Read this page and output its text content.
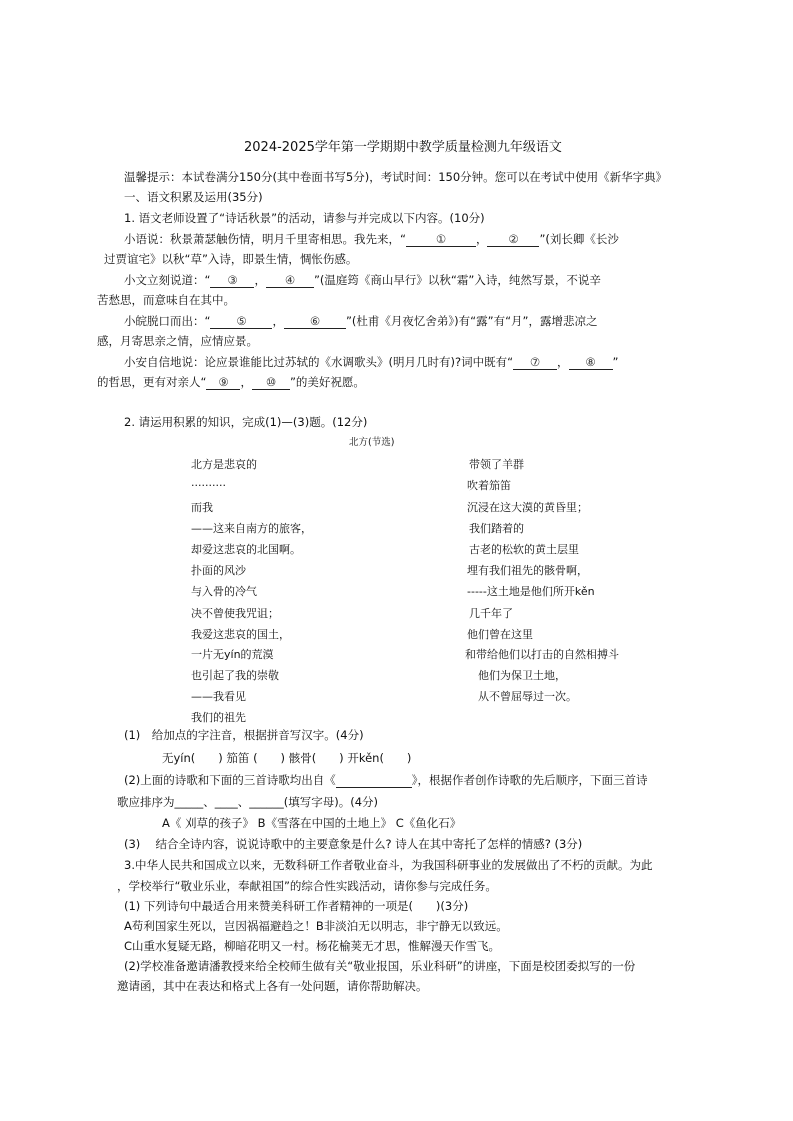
2024-2025学年第一学期期中教学质量检测九年级语文
温馨提示：本试卷满分150分(其中卷面书写5分)，考试时间：150分钟。您可以在考试中使用《新华字典》
一、语文积累及运用(35分)
1. 语文老师设置了“诗话秋景”的活动，请参与并完成以下内容。(10分)
小语说：秋景萧瑟触伤情，明月千里寄相思。我先来，“	①	， ② ”(刘长卿《长沙
过贾谊宅》以秋“草”入诗，即景生情，惆怅伤感。
小文立刻说道：“ ③ ， ④ ”(温庭筠《商山早行》以秋“霜”入诗，纯然写景，不说辛
苦愁思，而意味自在其中。
小皖脱口而出：“ ⑤ ， ⑥ ”(杜甫《月夜忆舍弟》)有“露”有“月”，露增悲凉之
感，月寄思亲之情，应情应景。
小安自信地说：论应景谁能比过苏轼的《水调歌头》(明月几时有)?词中既有“ ⑦ ， ⑧ ”
的哲思，更有对亲人“ ⑨ ， ⑩ ”的美好祝愿。
2. 请运用积累的知识，完成(1)—(3)题。(12分)
北方(节选)
北方是悲哀的
··········
而我
——这来自南方的旅客，
却爱这悲哀的北国啊。
扑面的风沙
与入骨的冷气
决不曾使我咒诅；
我爱这悲哀的国土，
一片无yín的荒漠
也引起了我的崇敬
——我看见
我们的祖先
带领了羊群
吹着笳笛
沉浸在这大漠的黄昏里；
我们踏着的
古老的松软的黄土层里
埋有我们祖先的骸骨啊，
-----这土地是他们所开kěn
几千年了
他们曾在这里
和带给他们以打击的自然相搏斗
他们为保卫土地，
从不曾屈辱过一次。
(1)　给加点的字注音，根据拼音写汉字。(4分)
无yín(　　) 笳笛 (　　) 骸骨(　　) 开kěn(　　)
(2)上面的诗歌和下面的三首诗歌均出自《	》，根据作者创作诗歌的先后顺序，下面三首诗
歌应排序为_____、____、______(填写字母)。(4分)
A《 刈草的孩子》 B《雪落在中国的土地上》 C《鱼化石》
(3)　 结合全诗内容，说说诗歌中的主要意象是什么? 诗人在其中寄托了怎样的情感? (3分)
3.中华人民共和国成立以来，无数科研工作者敬业奋斗，为我国科研事业的发展做出了不朽的贡献。为此
，学校举行“敬业乐业，奉献祖国”的综合性实践活动，请你参与完成任务。
(1) 下列诗句中最适合用来赞美科研工作者精神的一项是(　　)(3分)
A苟利国家生死以，岂因祸福避趋之！B非淡泊无以明志，非宁静无以致远。
C山重水复疑无路，柳暗花明又一村。杨花榆荚无才思，惟解漫天作雪飞。
(2)学校准备邀请潘教授来给全校师生做有关“敬业报国，乐业科研”的讲座，下面是校团委拟写的一份
邀请函，其中在表达和格式上各有一处问题，请你帮助解决。
